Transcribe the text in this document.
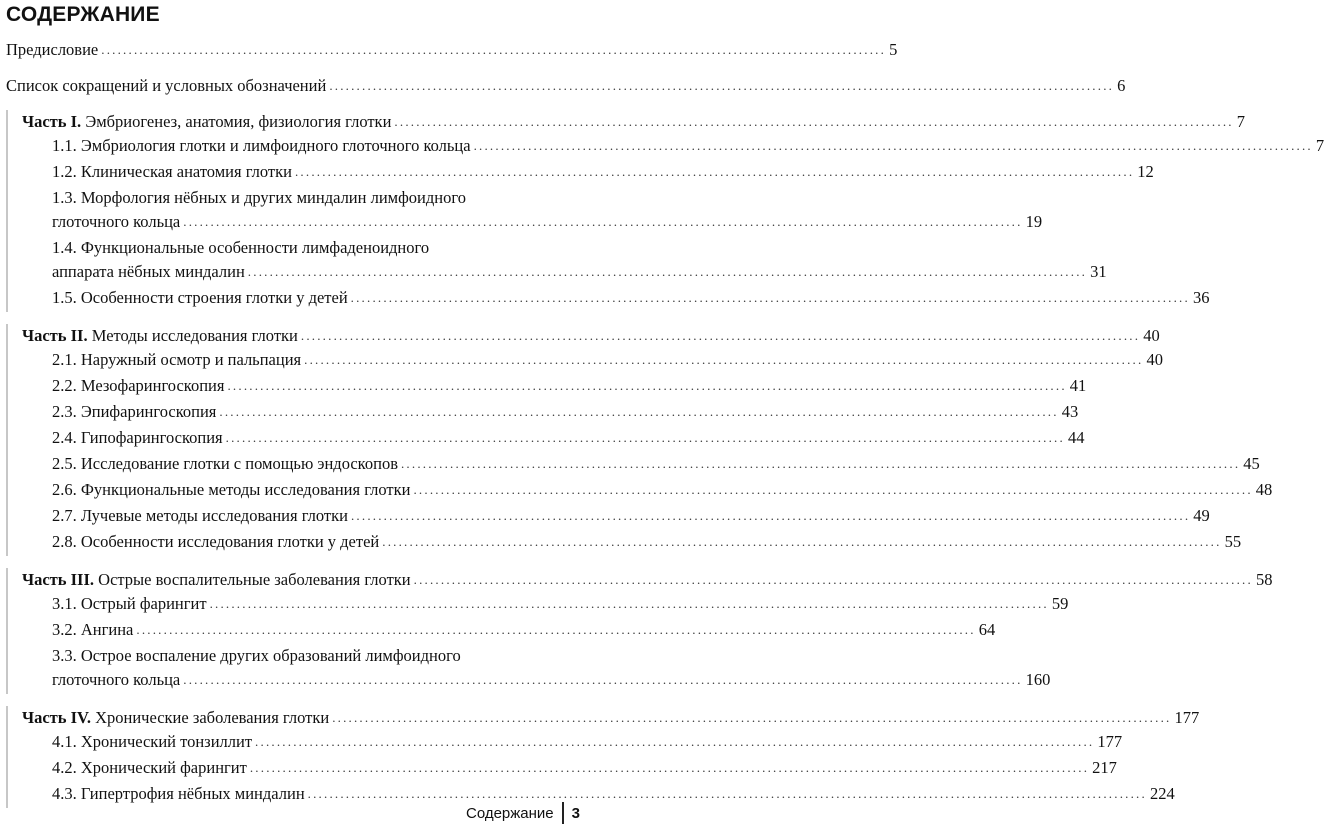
СОДЕРЖАНИЕ
Предисловие ................................................................................................................................................ 5
Список сокращений и условных обозначений ................................................................................................................................................ 6
Часть I. Эмбриогенез, анатомия, физиология глотки .......................................................................................................................................................... 7
1.1. Эмбриология глотки и лимфоидного глоточного кольца .......................................................................................................................................................... 7
1.2. Клиническая анатомия глотки .......................................................................................................................................................... 12
1.3. Морфология нёбных и других миндалин лимфоидного
глоточного кольца .......................................................................................................................................................... 19
1.4. Функциональные особенности лимфаденоидного
аппарата нёбных миндалин .......................................................................................................................................................... 31
1.5. Особенности строения глотки у детей .......................................................................................................................................................... 36
Часть II. Методы исследования глотки .......................................................................................................................................................... 40
2.1. Наружный осмотр и пальпация .......................................................................................................................................................... 40
2.2. Мезофарингоскопия .......................................................................................................................................................... 41
2.3. Эпифарингоскопия .......................................................................................................................................................... 43
2.4. Гипофарингоскопия .......................................................................................................................................................... 44
2.5. Исследование глотки с помощью эндоскопов .......................................................................................................................................................... 45
2.6. Функциональные методы исследования глотки .......................................................................................................................................................... 48
2.7. Лучевые методы исследования глотки .......................................................................................................................................................... 49
2.8. Особенности исследования глотки у детей .......................................................................................................................................................... 55
Часть III. Острые воспалительные заболевания глотки .......................................................................................................................................................... 58
3.1. Острый фарингит .......................................................................................................................................................... 59
3.2. Ангина .......................................................................................................................................................... 64
3.3. Острое воспаление других образований лимфоидного
глоточного кольца .......................................................................................................................................................... 160
Часть IV. Хронические заболевания глотки .......................................................................................................................................................... 177
4.1. Хронический тонзиллит .......................................................................................................................................................... 177
4.2. Хронический фарингит .......................................................................................................................................................... 217
4.3. Гипертрофия нёбных миндалин .......................................................................................................................................................... 224
Содержание 3
